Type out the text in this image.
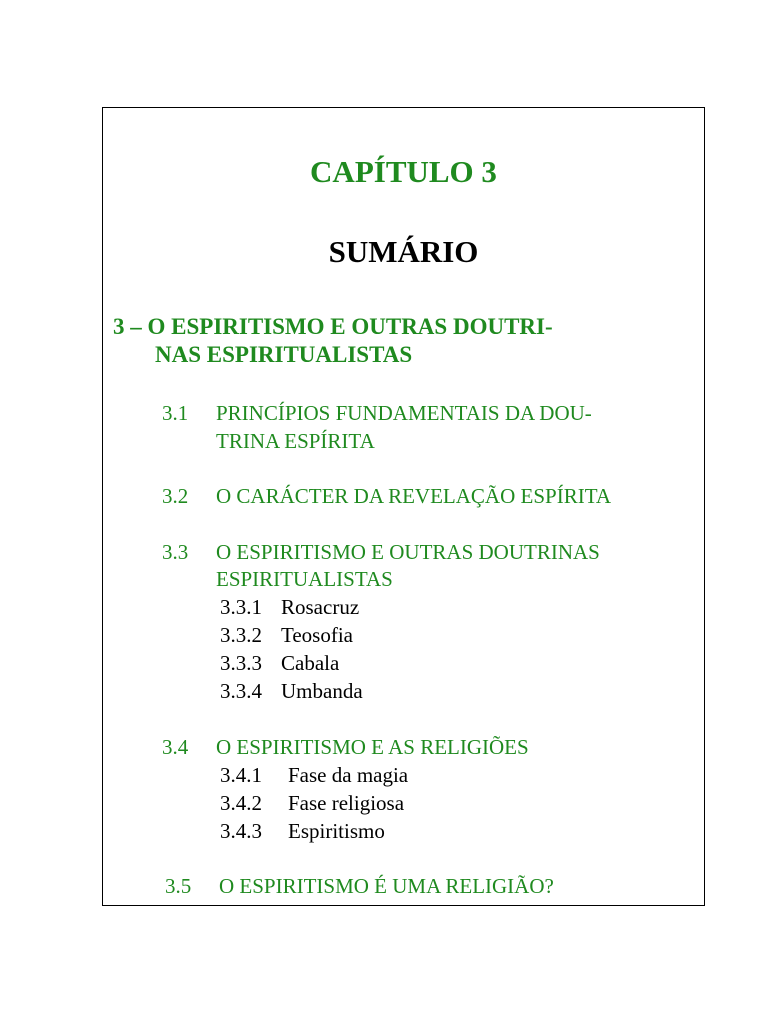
CAPÍTULO 3
SUMÁRIO
3 – O ESPIRITISMO E OUTRAS DOUTRI-
NAS ESPIRITUALISTAS
3.1 PRINCÍPIOS FUNDAMENTAIS DA DOU-
TRINA ESPÍRITA
3.2 O CARÁCTER DA REVELAÇÃO ESPÍRITA
3.3 O ESPIRITISMO E OUTRAS DOUTRINAS
ESPIRITUALISTAS
3.3.1 Rosacruz
3.3.2 Teosofia
3.3.3 Cabala
3.3.4 Umbanda
3.4 O ESPIRITISMO E AS RELIGIÕES
3.4.1 Fase da magia
3.4.2 Fase religiosa
3.4.3 Espiritismo
3.5 O ESPIRITISMO É UMA RELIGIÃO?
